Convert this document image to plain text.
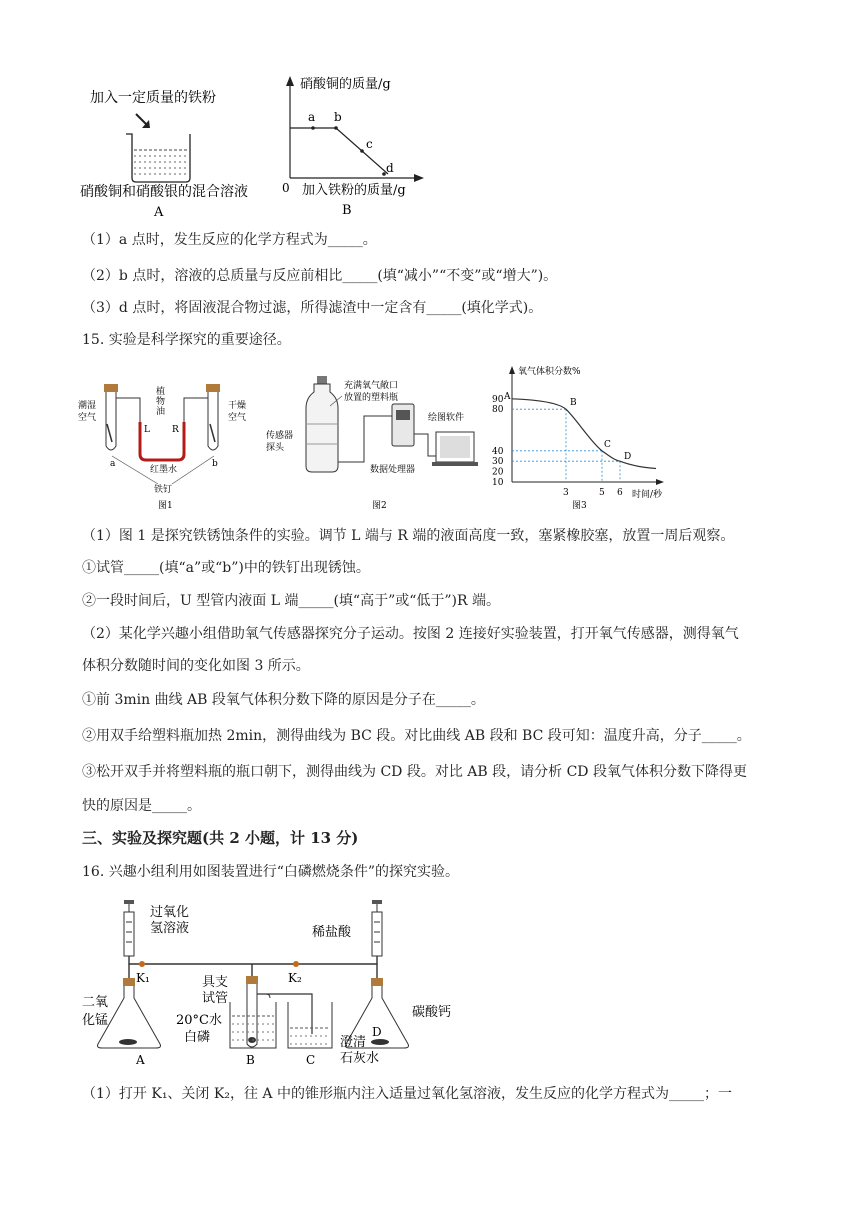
加入一定质量的铁粉
硝酸铜和硝酸银的混合溶液
A
硝酸铜的质量/g
a b
c
d
0 加入铁粉的质量/g
B
（1）a 点时，发生反应的化学方程式为_____。
（2）b 点时，溶液的总质量与反应前相比_____(填“减小”“不变”或“增大”)。
（3）d 点时，将固液混合物过滤，所得滤渣中一定含有_____(填化学式)。
15. 实验是科学探究的重要途径。
潮湿
空气
干燥
空气
植
物
油
L R
a	b
红墨水
铁钉
图1
充满氧气敞口
放置的塑料瓶
传感器
探头
绘图软件
数据处理器
图2
氧气体积分数%
时间/秒
90
80
40
30
20
10
3	5 6
A
B
C
D
图3
（1）图 1 是探究铁锈蚀条件的实验。调节 L 端与 R 端的液面高度一致，塞紧橡胶塞，放置一周后观察。
①试管_____(填“a”或“b”)中的铁钉出现锈蚀。
②一段时间后，U 型管内液面 L 端_____(填“高于”或“低于”)R 端。
（2）某化学兴趣小组借助氧气传感器探究分子运动。按图 2 连接好实验装置，打开氧气传感器，测得氧气
体积分数随时间的变化如图 3 所示。
①前 3min 曲线 AB 段氧气体积分数下降的原因是分子在_____。
②用双手给塑料瓶加热 2min，测得曲线为 BC 段。对比曲线 AB 段和 BC 段可知：温度升高，分子_____。
③松开双手并将塑料瓶的瓶口朝下，测得曲线为 CD 段。对比 AB 段，请分析 CD 段氧气体积分数下降得更
快的原因是_____。
三、实验及探究题(共 2 小题，计 13 分)
16. 兴趣小组利用如图装置进行“白磷燃烧条件”的探究实验。
过氧化
氢溶液	稀盐酸
K₁	K₂
二氧
化锰
A
具支
试管
20°C水
白磷
B	C
碳酸钙
D
澄清
石灰水
（1）打开 K₁、关闭 K₂，往 A 中的锥形瓶内注入适量过氧化氢溶液，发生反应的化学方程式为_____；一
